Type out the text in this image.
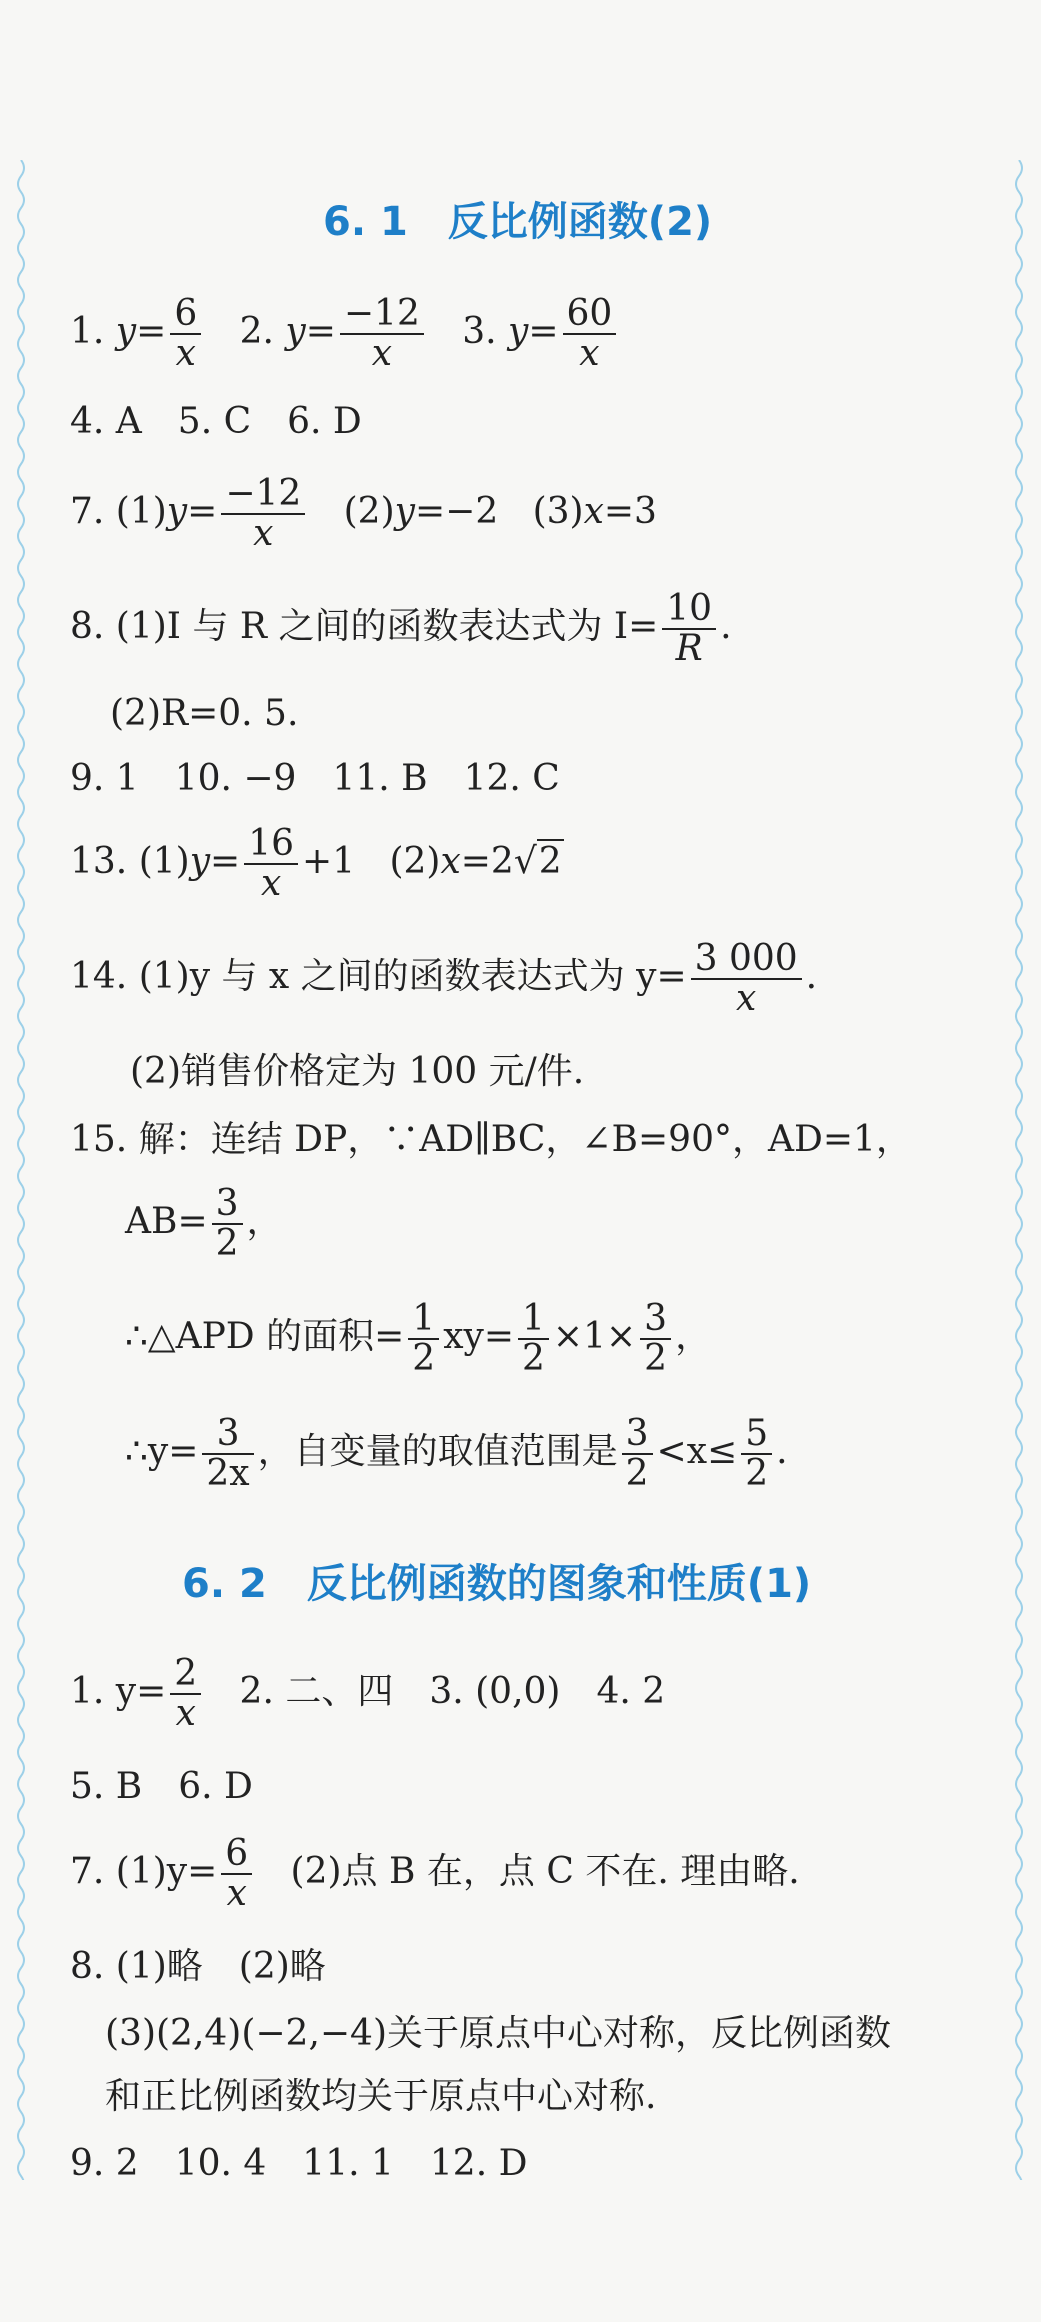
6. 1　反比例函数(2)

1. $y= \frac{6}{x} 2$. $y= \frac{-12}{x} 3$. $y= \frac{60}{x}$

4. A　5. C　6. D

7. $(1)y= \frac{-12}{x} (2)y=-2$ (3)x=3

8. (1)I 与 R 之间的函数表达式为 $I= \frac{10}{R}$ .

(2)R=0. 5.

9. 1　10. −9　11. B　12. C

13. $(1)y= \frac{16}{x} +1$ (2)x=2√2

14. (1)y 与 x 之间的函数表达式为 $y= \frac{3 000}{x}$ .

(2)销售价格定为 100 元/件.

15. 解：连结 DP，∵AD∥BC，∠B=90°，AD=1，

$AB= \frac{3}{2}$ ，

∴△APD 的面积= $\frac{1}{2} xy= \frac{1}{2} \times 1\times \frac{3}{2}$ ，

∴y= $\frac{3}{2x}$ ，自变量的取值范围是 $\frac{3}{2} <x\le \frac{5}{2}$ .

6. 2　反比例函数的图象和性质(1)

1. $y= \frac{2}{x} 2$. 二、四　3. (0,0)　4. 2

5. B　6. D

7. $(1)y= \frac{6}{x} (2)$点 B 在，点 C 不在. 理由略.

8. (1)略　(2)略

(3)(2,4)(−2,−4)关于原点中心对称，反比例函数

和正比例函数均关于原点中心对称.

9. 2　10. 4　11. 1　12. D
